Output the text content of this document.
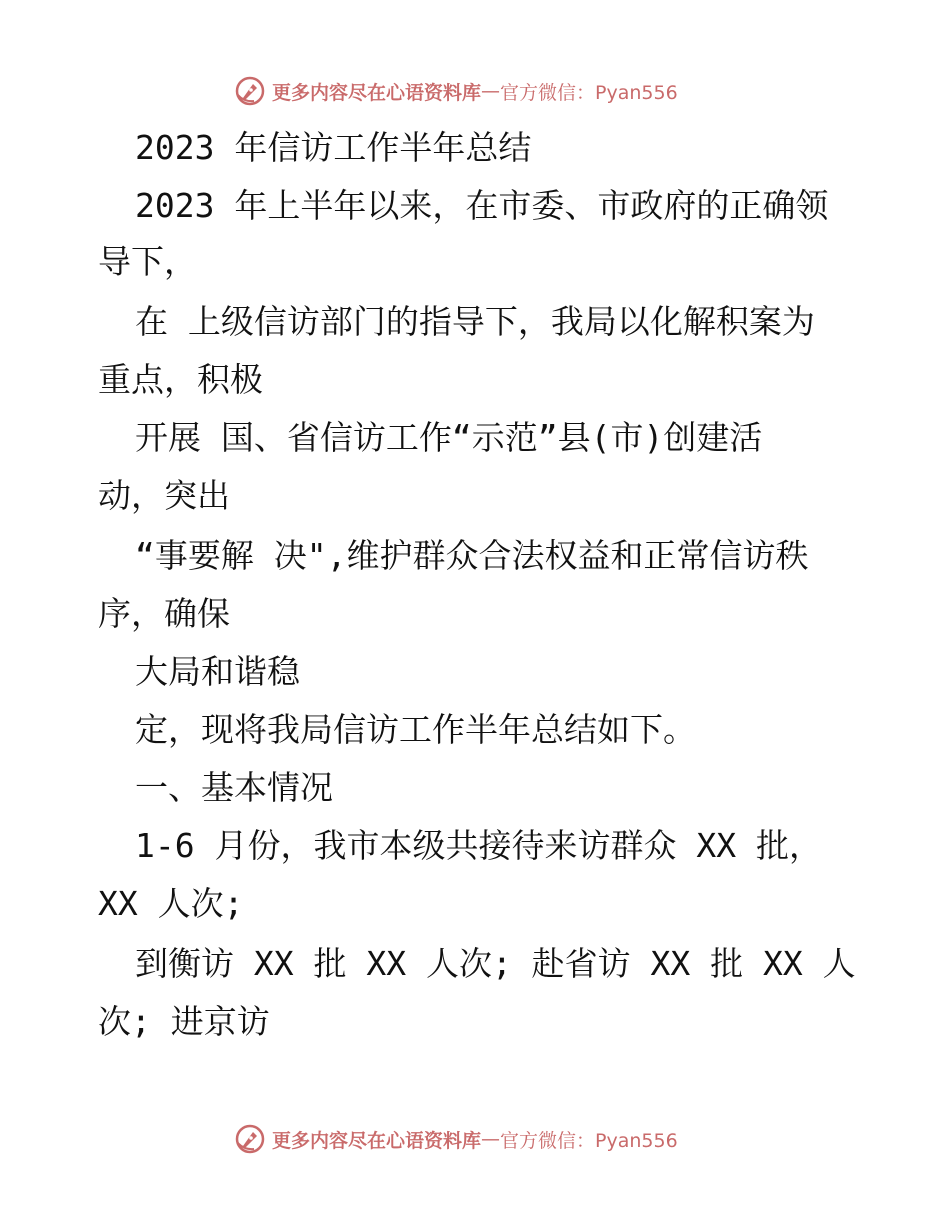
更多内容尽在心语资料库 — 官方微信：Pyan556
2023 年信访工作半年总结
2023 年上半年以来，在市委、市政府的正确领
导下，
在 上级信访部门的指导下，我局以化解积案为
重点，积极
开展 国、省信访工作“示范”县(市)创建活
动，突出
“事要解 决",维护群众合法权益和正常信访秩
序，确保
大局和谐稳
定，现将我局信访工作半年总结如下。
一、基本情况
1-6 月份，我市本级共接待来访群众 XX 批，
XX 人次;
到衡访 XX 批 XX 人次; 赴省访 XX 批 XX 人
次; 进京访
更多内容尽在心语资料库 — 官方微信：Pyan556
